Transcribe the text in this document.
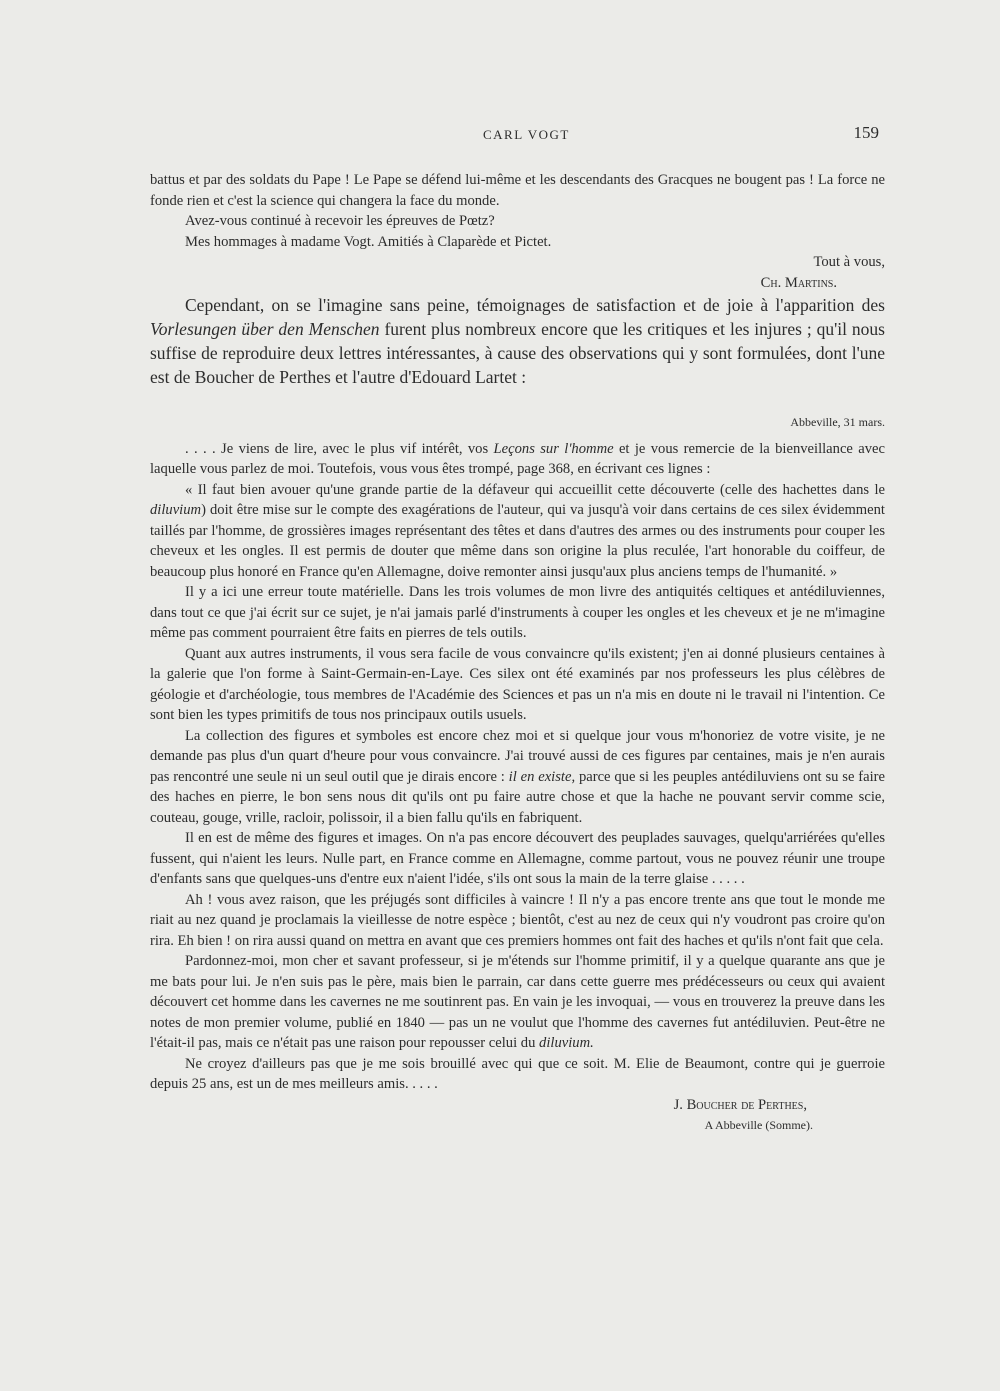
CARL VOGT	159

battus et par des soldats du Pape ! Le Pape se défend lui-même et les descendants des Gracques ne bougent pas ! La force ne fonde rien et c'est la science qui changera la face du monde.

Avez-vous continué à recevoir les épreuves de Pœtz?

Mes hommages à madame Vogt. Amitiés à Claparède et Pictet.

Tout à vous,

Ch. Martins.

Cependant, on se l'imagine sans peine, témoignages de satisfaction et de joie à l'apparition des Vorlesungen über den Menschen furent plus nombreux encore que les critiques et les injures ; qu'il nous suffise de reproduire deux lettres intéressantes, à cause des observations qui y sont formulées, dont l'une est de Boucher de Perthes et l'autre d'Edouard Lartet :

Abbeville, 31 mars.

. . . . Je viens de lire, avec le plus vif intérêt, vos Leçons sur l'homme et je vous remercie de la bienveillance avec laquelle vous parlez de moi. Toutefois, vous vous êtes trompé, page 368, en écrivant ces lignes :

« Il faut bien avouer qu'une grande partie de la défaveur qui accueillit cette découverte (celle des hachettes dans le diluvium) doit être mise sur le compte des exagérations de l'auteur, qui va jusqu'à voir dans certains de ces silex évidemment taillés par l'homme, de grossières images représentant des têtes et dans d'autres des armes ou des instruments pour couper les cheveux et les ongles. Il est permis de douter que même dans son origine la plus reculée, l'art honorable du coiffeur, de beaucoup plus honoré en France qu'en Allemagne, doive remonter ainsi jusqu'aux plus anciens temps de l'humanité. »

Il y a ici une erreur toute matérielle. Dans les trois volumes de mon livre des antiquités celtiques et antédiluviennes, dans tout ce que j'ai écrit sur ce sujet, je n'ai jamais parlé d'instruments à couper les ongles et les cheveux et je ne m'imagine même pas comment pourraient être faits en pierres de tels outils.

Quant aux autres instruments, il vous sera facile de vous convaincre qu'ils existent; j'en ai donné plusieurs centaines à la galerie que l'on forme à Saint-Germain-en-Laye. Ces silex ont été examinés par nos professeurs les plus célèbres de géologie et d'archéologie, tous membres de l'Académie des Sciences et pas un n'a mis en doute ni le travail ni l'intention. Ce sont bien les types primitifs de tous nos principaux outils usuels.

La collection des figures et symboles est encore chez moi et si quelque jour vous m'honoriez de votre visite, je ne demande pas plus d'un quart d'heure pour vous convaincre. J'ai trouvé aussi de ces figures par centaines, mais je n'en aurais pas rencontré une seule ni un seul outil que je dirais encore : il en existe, parce que si les peuples antédiluviens ont su se faire des haches en pierre, le bon sens nous dit qu'ils ont pu faire autre chose et que la hache ne pouvant servir comme scie, couteau, gouge, vrille, racloir, polissoir, il a bien fallu qu'ils en fabriquent.

Il en est de même des figures et images. On n'a pas encore découvert des peuplades sauvages, quelqu'arriérées qu'elles fussent, qui n'aient les leurs. Nulle part, en France comme en Allemagne, comme partout, vous ne pouvez réunir une troupe d'enfants sans que quelques-uns d'entre eux n'aient l'idée, s'ils ont sous la main de la terre glaise . . . . .

Ah ! vous avez raison, que les préjugés sont difficiles à vaincre ! Il n'y a pas encore trente ans que tout le monde me riait au nez quand je proclamais la vieillesse de notre espèce ; bientôt, c'est au nez de ceux qui n'y voudront pas croire qu'on rira. Eh bien ! on rira aussi quand on mettra en avant que ces premiers hommes ont fait des haches et qu'ils n'ont fait que cela.

Pardonnez-moi, mon cher et savant professeur, si je m'étends sur l'homme primitif, il y a quelque quarante ans que je me bats pour lui. Je n'en suis pas le père, mais bien le parrain, car dans cette guerre mes prédécesseurs ou ceux qui avaient découvert cet homme dans les cavernes ne me soutinrent pas. En vain je les invoquai, — vous en trouverez la preuve dans les notes de mon premier volume, publié en 1840 — pas un ne voulut que l'homme des cavernes fut antédiluvien. Peut-être ne l'était-il pas, mais ce n'était pas une raison pour repousser celui du diluvium.

Ne croyez d'ailleurs pas que je me sois brouillé avec qui que ce soit. M. Elie de Beaumont, contre qui je guerroie depuis 25 ans, est un de mes meilleurs amis. . . . .

J. Boucher de Perthes,

A Abbeville (Somme).
